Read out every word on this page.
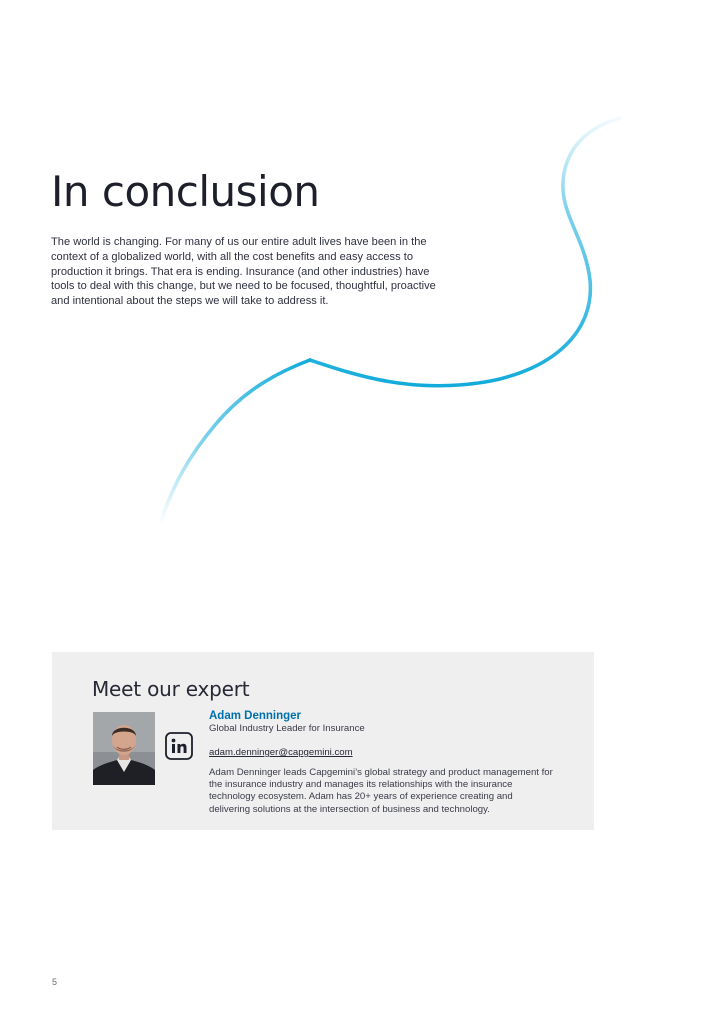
In conclusion

The world is changing. For many of us our entire adult lives have been in the context of a globalized world, with all the cost benefits and easy access to production it brings. That era is ending. Insurance (and other industries) have tools to deal with this change, but we need to be focused, thoughtful, proactive and intentional about the steps we will take to address it.

Meet our expert

Adam Denninger

Global Industry Leader for Insurance

adam.denninger@capgemini.com

Adam Denninger leads Capgemini’s global strategy and product management for the insurance industry and manages its relationships with the insurance technology ecosystem. Adam has 20+ years of experience creating and delivering solutions at the intersection of business and technology.

5
